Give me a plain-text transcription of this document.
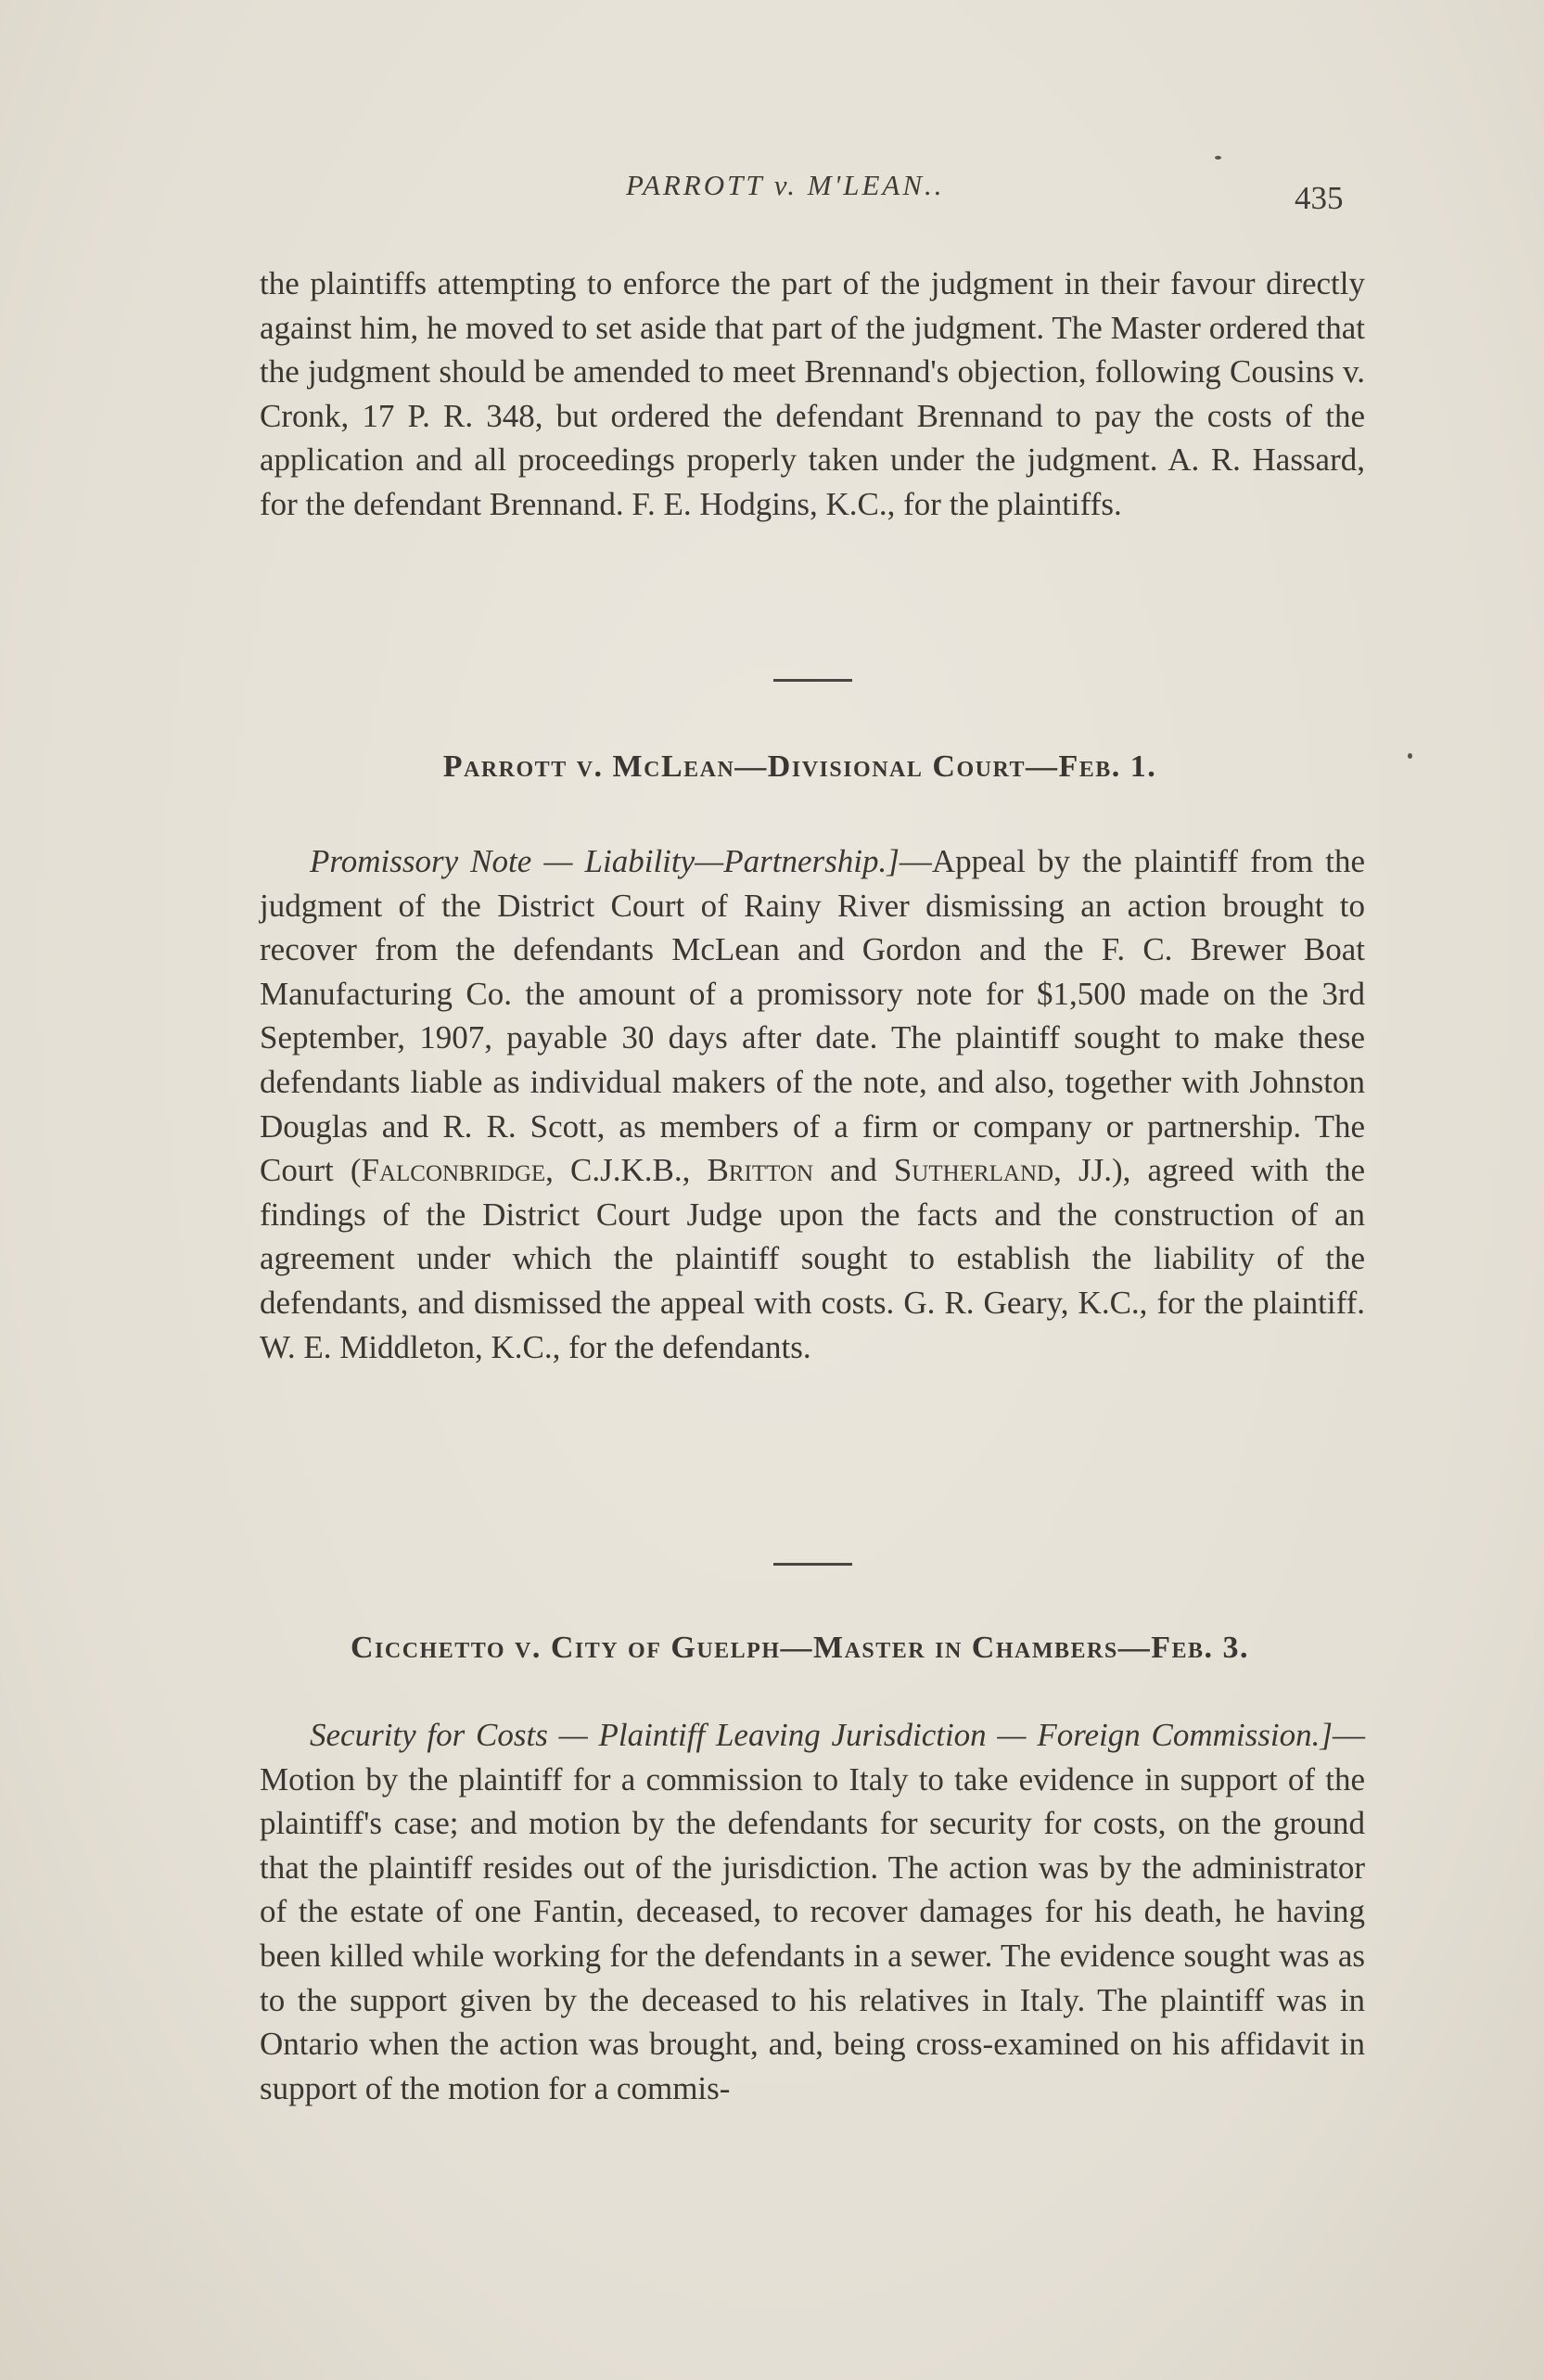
PARROTT v. M'LEAN..	435

the plaintiffs attempting to enforce the part of the judgment in their favour directly against him, he moved to set aside that part of the judgment. The Master ordered that the judgment should be amended to meet Brennand's objection, following Cousins v. Cronk, 17 P. R. 348, but ordered the defendant Brennand to pay the costs of the application and all proceedings properly taken under the judgment. A. R. Hassard, for the defendant Brennand. F. E. Hodgins, K.C., for the plaintiffs.

Parrott v. McLean—Divisional Court—Feb. 1.

Promissory Note — Liability—Partnership.]—Appeal by the plaintiff from the judgment of the District Court of Rainy River dismissing an action brought to recover from the defendants McLean and Gordon and the F. C. Brewer Boat Manufacturing Co. the amount of a promissory note for $1,500 made on the 3rd September, 1907, payable 30 days after date. The plaintiff sought to make these defendants liable as individual makers of the note, and also, together with Johnston Douglas and R. R. Scott, as members of a firm or company or partnership. The Court (Falconbridge, C.J.K.B., Britton and Sutherland, JJ.), agreed with the findings of the District Court Judge upon the facts and the construction of an agreement under which the plaintiff sought to establish the liability of the defendants, and dismissed the appeal with costs. G. R. Geary, K.C., for the plaintiff. W. E. Middleton, K.C., for the defendants.

Cicchetto v. City of Guelph—Master in Chambers—Feb. 3.

Security for Costs — Plaintiff Leaving Jurisdiction — Foreign Commission.]—Motion by the plaintiff for a commission to Italy to take evidence in support of the plaintiff's case; and motion by the defendants for security for costs, on the ground that the plaintiff resides out of the jurisdiction. The action was by the administrator of the estate of one Fantin, deceased, to recover damages for his death, he having been killed while working for the defendants in a sewer. The evidence sought was as to the support given by the deceased to his relatives in Italy. The plaintiff was in Ontario when the action was brought, and, being cross-examined on his affidavit in support of the motion for a commis-
